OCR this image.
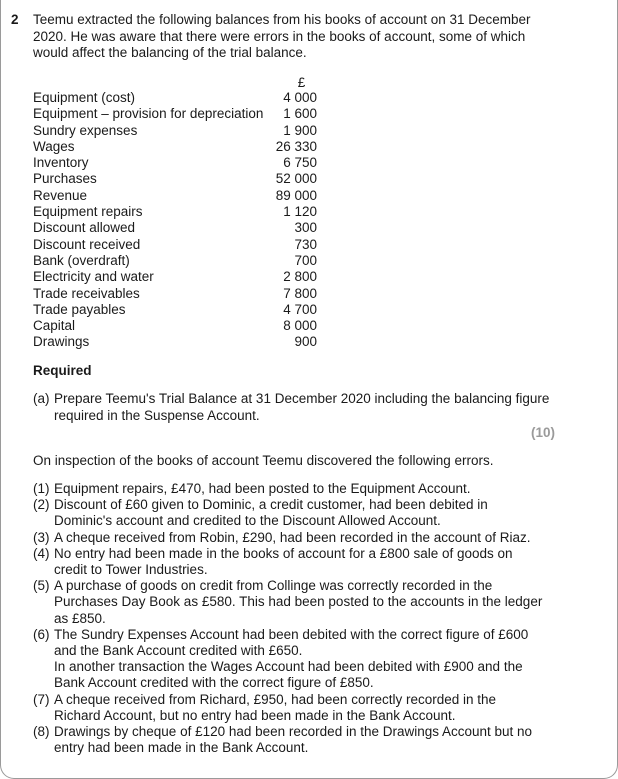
2 Teemu extracted the following balances from his books of account on 31 December 2020. He was aware that there were errors in the books of account, some of which would affect the balancing of the trial balance.
£
Equipment (cost)	4 000
Equipment – provision for depreciation	1 600
Sundry expenses	1 900
Wages	26 330
Inventory	6 750
Purchases	52 000
Revenue	89 000
Equipment repairs	1 120
Discount allowed	300
Discount received	730
Bank (overdraft)	700
Electricity and water	2 800
Trade receivables	7 800
Trade payables	4 700
Capital	8 000
Drawings	900
Required
(a) Prepare Teemu's Trial Balance at 31 December 2020 including the balancing figure required in the Suspense Account.
(10)
On inspection of the books of account Teemu discovered the following errors.
(1) Equipment repairs, £470, had been posted to the Equipment Account.
(2) Discount of £60 given to Dominic, a credit customer, had been debited in Dominic's account and credited to the Discount Allowed Account.
(3) A cheque received from Robin, £290, had been recorded in the account of Riaz.
(4) No entry had been made in the books of account for a £800 sale of goods on credit to Tower Industries.
(5) A purchase of goods on credit from Collinge was correctly recorded in the Purchases Day Book as £580. This had been posted to the accounts in the ledger as £850.
(6) The Sundry Expenses Account had been debited with the correct figure of £600 and the Bank Account credited with £650.
In another transaction the Wages Account had been debited with £900 and the Bank Account credited with the correct figure of £850.
(7) A cheque received from Richard, £950, had been correctly recorded in the Richard Account, but no entry had been made in the Bank Account.
(8) Drawings by cheque of £120 had been recorded in the Drawings Account but no entry had been made in the Bank Account.
